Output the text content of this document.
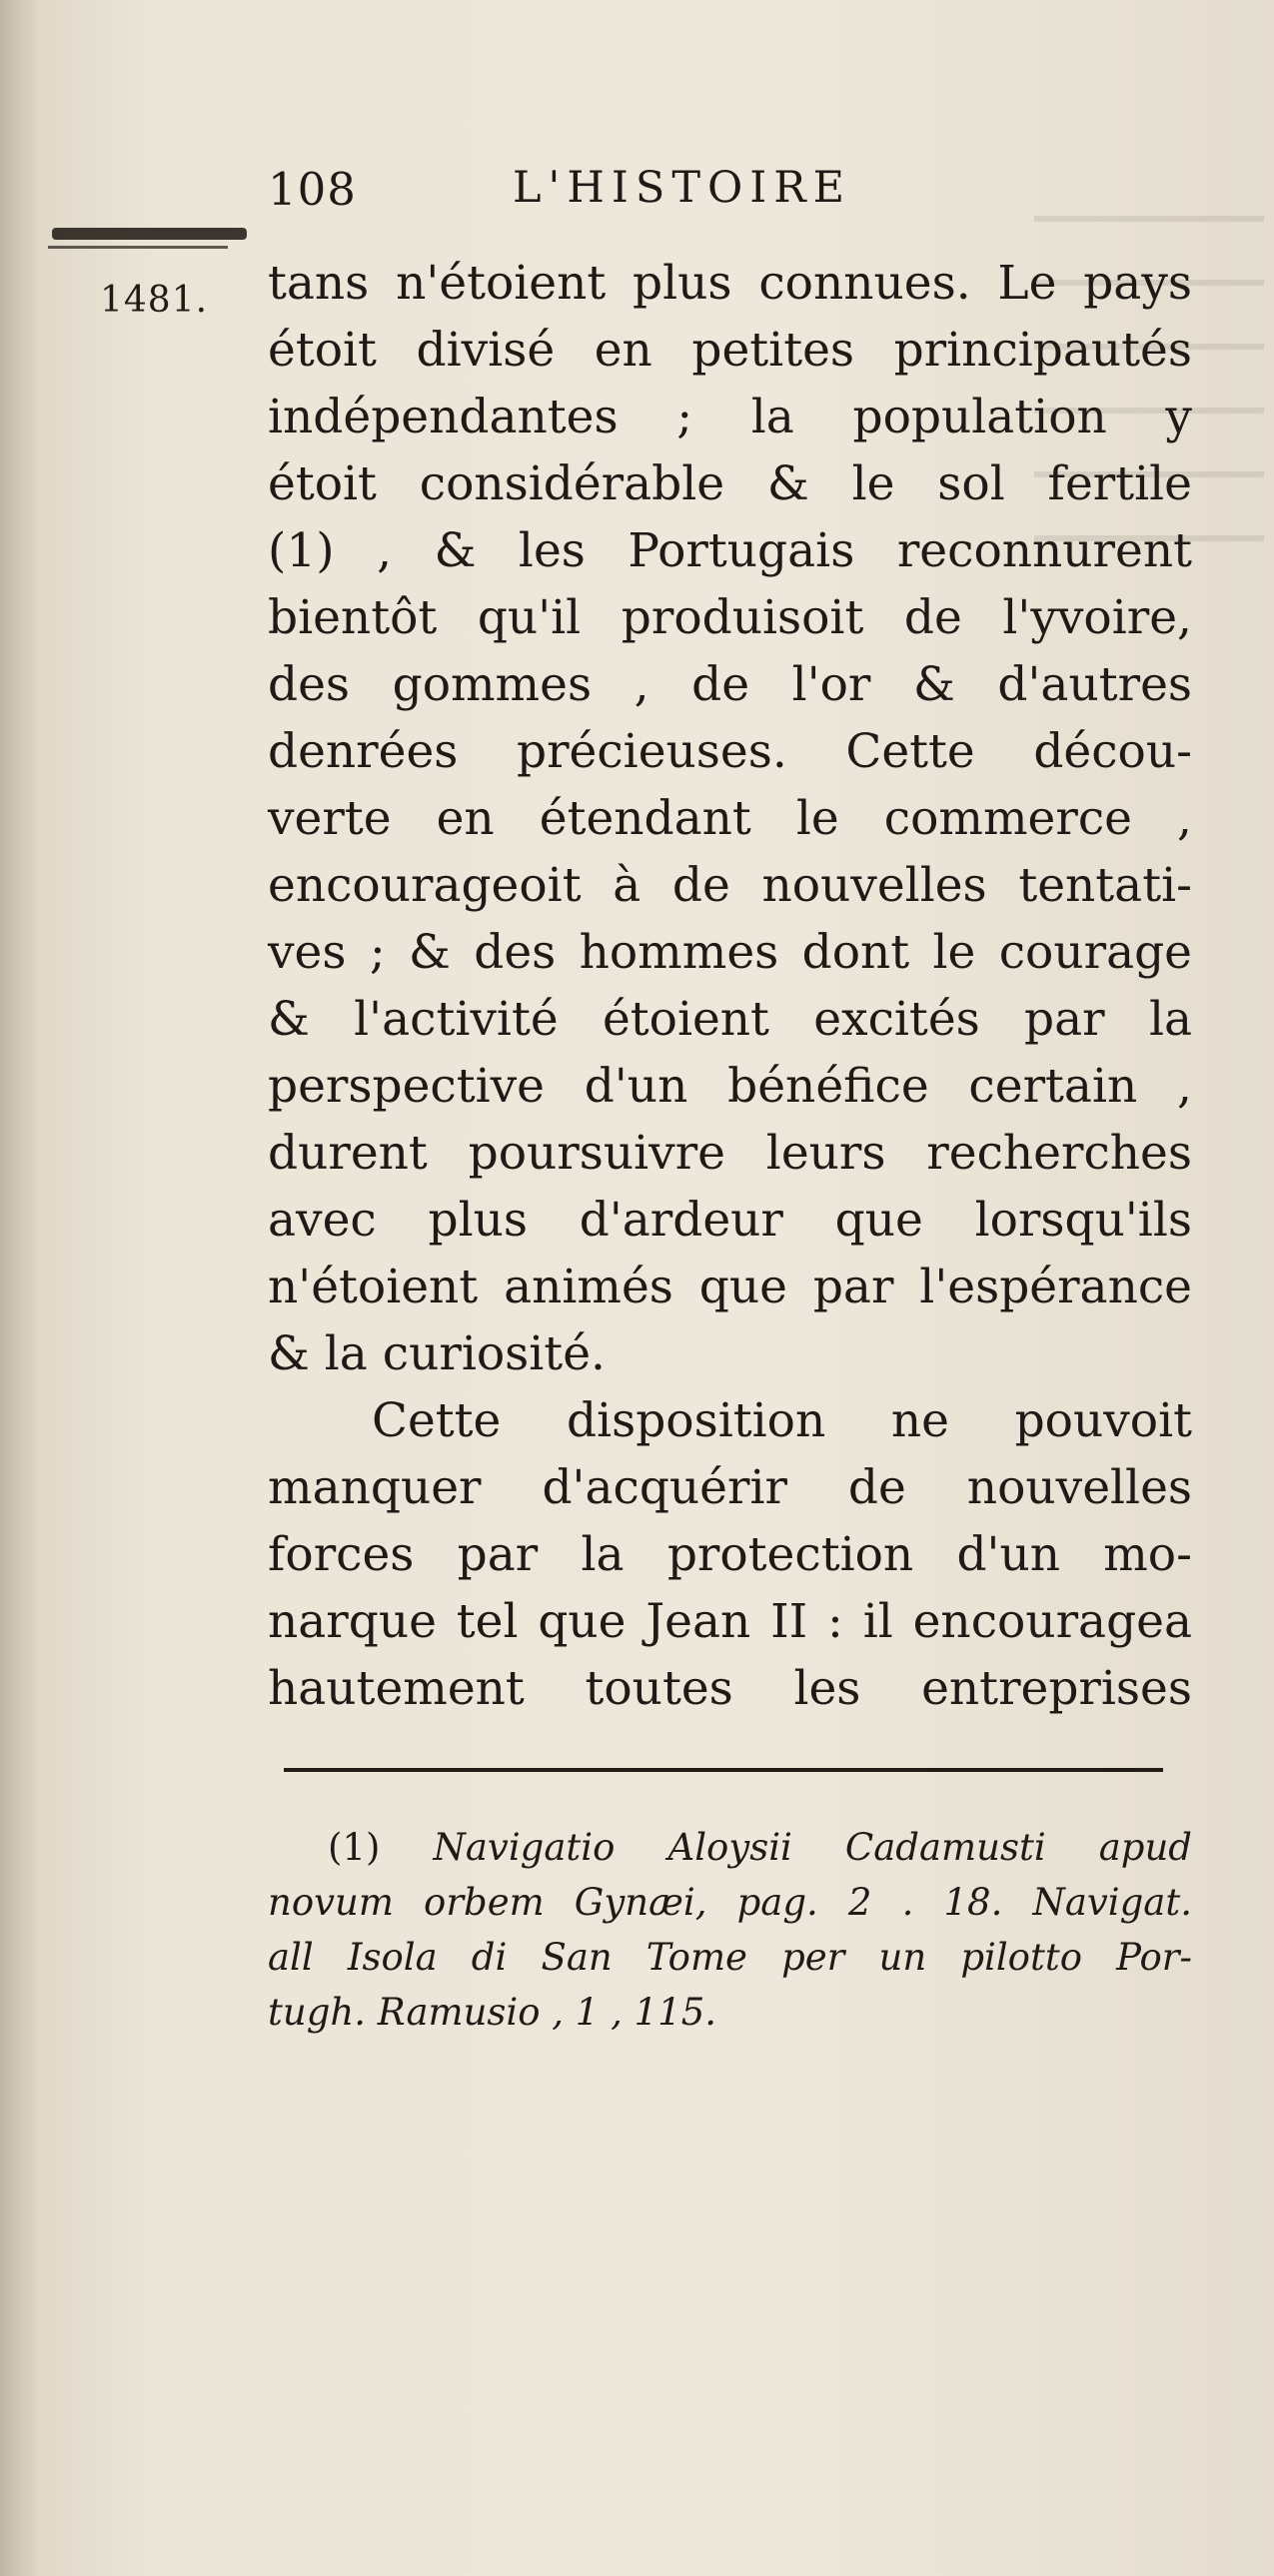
108	L'HISTOIRE
1481. tans n'étoient plus connues. Le pays
étoit divisé en petites principautés
indépendantes ; la population y
étoit considérable & le sol fertile
(1) , & les Portugais reconnurent
bientôt qu'il produisoit de l'yvoire,
des gommes , de l'or & d'autres
denrées précieuses. Cette décou-
verte en étendant le commerce ,
encourageoit à de nouvelles tentati-
ves ; & des hommes dont le courage
& l'activité étoient excités par la
perspective d'un bénéfice certain ,
durent poursuivre leurs recherches
avec plus d'ardeur que lorsqu'ils
n'étoient animés que par l'espérance
& la curiosité.
Cette disposition ne pouvoit
manquer d'acquérir de nouvelles
forces par la protection d'un mo-
narque tel que Jean II : il encouragea
hautement toutes les entreprises
(1) Navigatio Aloysii Cadamusti apud
novum orbem Gynæi, pag. 2 . 18. Navigat.
all Isola di San Tome per un pilotto Por-
tugh. Ramusio , 1 , 115.
